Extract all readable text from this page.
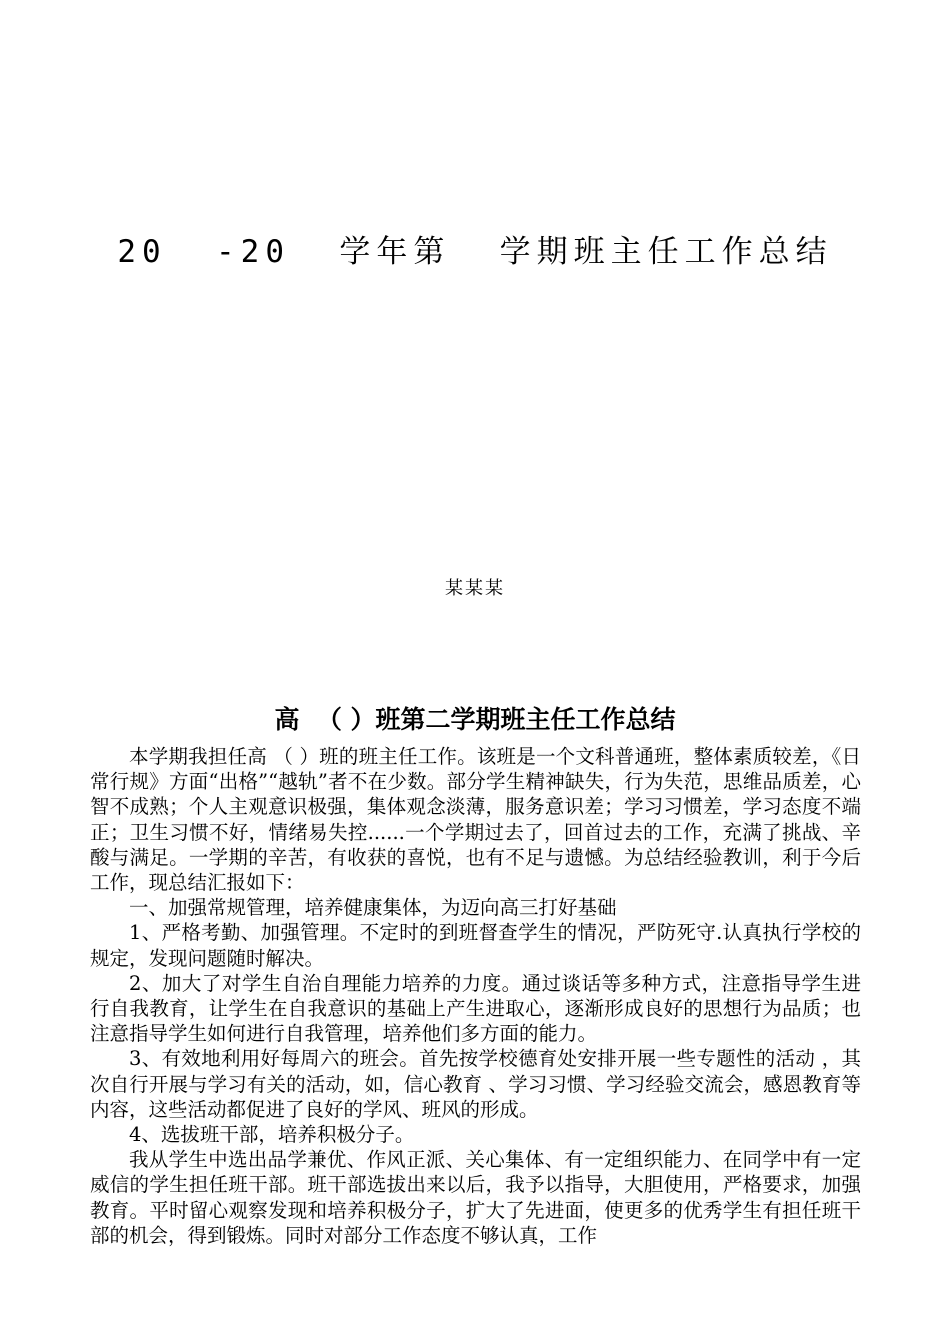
20  -20  学年第  学期班主任工作总结
某某某
高  （ ）班第二学期班主任工作总结

本学期我担任高 （ ）班的班主任工作。该班是一个文科普通班，整体素质较差，《日常行规》方面“出格”“越轨”者不在少数。部分学生精神缺失，行为失范，思维品质差，心智不成熟；个人主观意识极强，集体观念淡薄，服务意识差；学习习惯差，学习态度不端正；卫生习惯不好，情绪易失控......一个学期过去了，回首过去的工作，充满了挑战、辛酸与满足。一学期的辛苦，有收获的喜悦，也有不足与遗憾。为总结经验教训，利于今后工作，现总结汇报如下：

一、加强常规管理，培养健康集体，为迈向高三打好基础

1、严格考勤、加强管理。不定时的到班督查学生的情况，严防死守.认真执行学校的规定，发现问题随时解决。

2、加大了对学生自治自理能力培养的力度。通过谈话等多种方式，注意指导学生进行自我教育，让学生在自我意识的基础上产生进取心，逐渐形成良好的思想行为品质；也注意指导学生如何进行自我管理，培养他们多方面的能力。

3、有效地利用好每周六的班会。首先按学校德育处安排开展一些专题性的活动 ，其次自行开展与学习有关的活动，如，信心教育 、学习习惯、学习经验交流会，感恩教育等内容，这些活动都促进了良好的学风、班风的形成。

4、选拔班干部，培养积极分子。

我从学生中选出品学兼优、作风正派、关心集体、有一定组织能力、在同学中有一定威信的学生担任班干部。班干部选拔出来以后，我予以指导，大胆使用，严格要求，加强教育。平时留心观察发现和培养积极分子，扩大了先进面，使更多的优秀学生有担任班干部的机会，得到锻炼。同时对部分工作态度不够认真，工作
